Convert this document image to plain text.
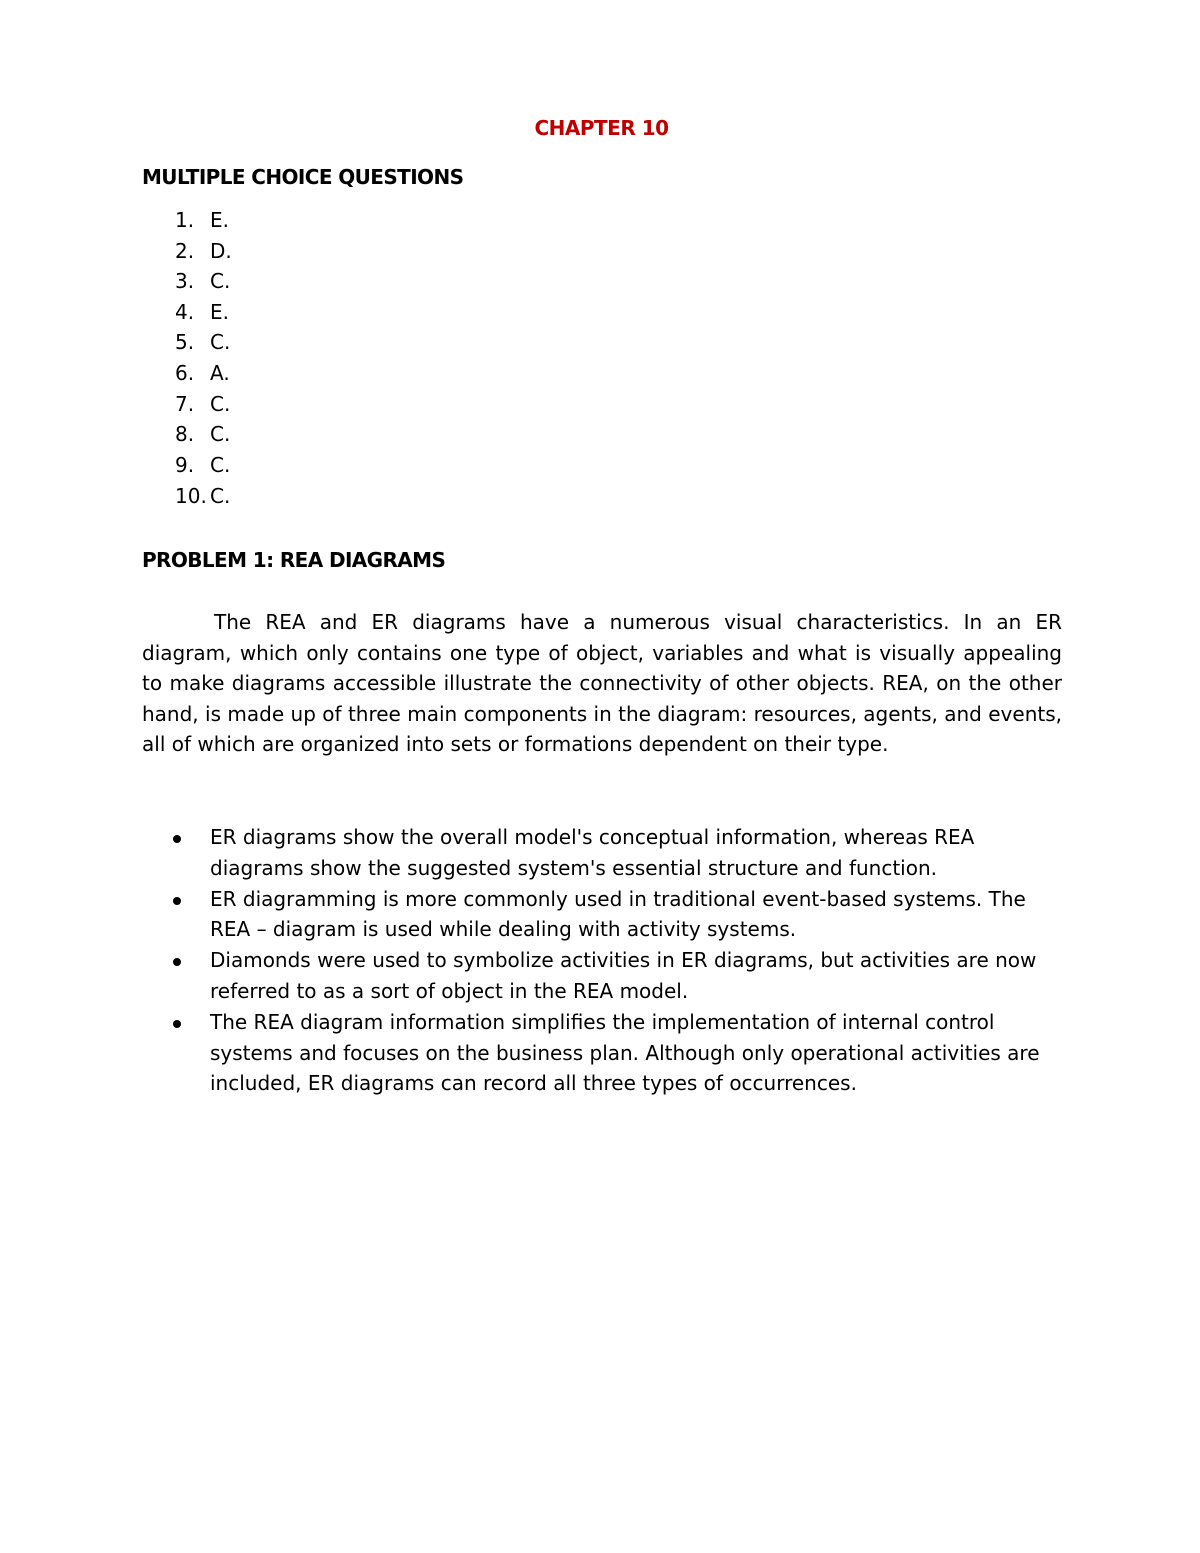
CHAPTER 10
MULTIPLE CHOICE QUESTIONS
1. E.
2. D.
3. C.
4. E.
5. C.
6. A.
7. C.
8. C.
9. C.
10. C.
PROBLEM 1: REA DIAGRAMS

The REA and ER diagrams have a numerous visual characteristics. In an ER diagram, which only contains one type of object, variables and what is visually appealing to make diagrams accessible illustrate the connectivity of other objects. REA, on the other hand, is made up of three main components in the diagram: resources, agents, and events, all of which are organized into sets or formations dependent on their type.

ER diagrams show the overall model's conceptual information, whereas REA diagrams show the suggested system's essential structure and function.
ER diagramming is more commonly used in traditional event-based systems. The REA – diagram is used while dealing with activity systems.
Diamonds were used to symbolize activities in ER diagrams, but activities are now referred to as a sort of object in the REA model.
The REA diagram information simplifies the implementation of internal control systems and focuses on the business plan. Although only operational activities are included, ER diagrams can record all three types of occurrences.
